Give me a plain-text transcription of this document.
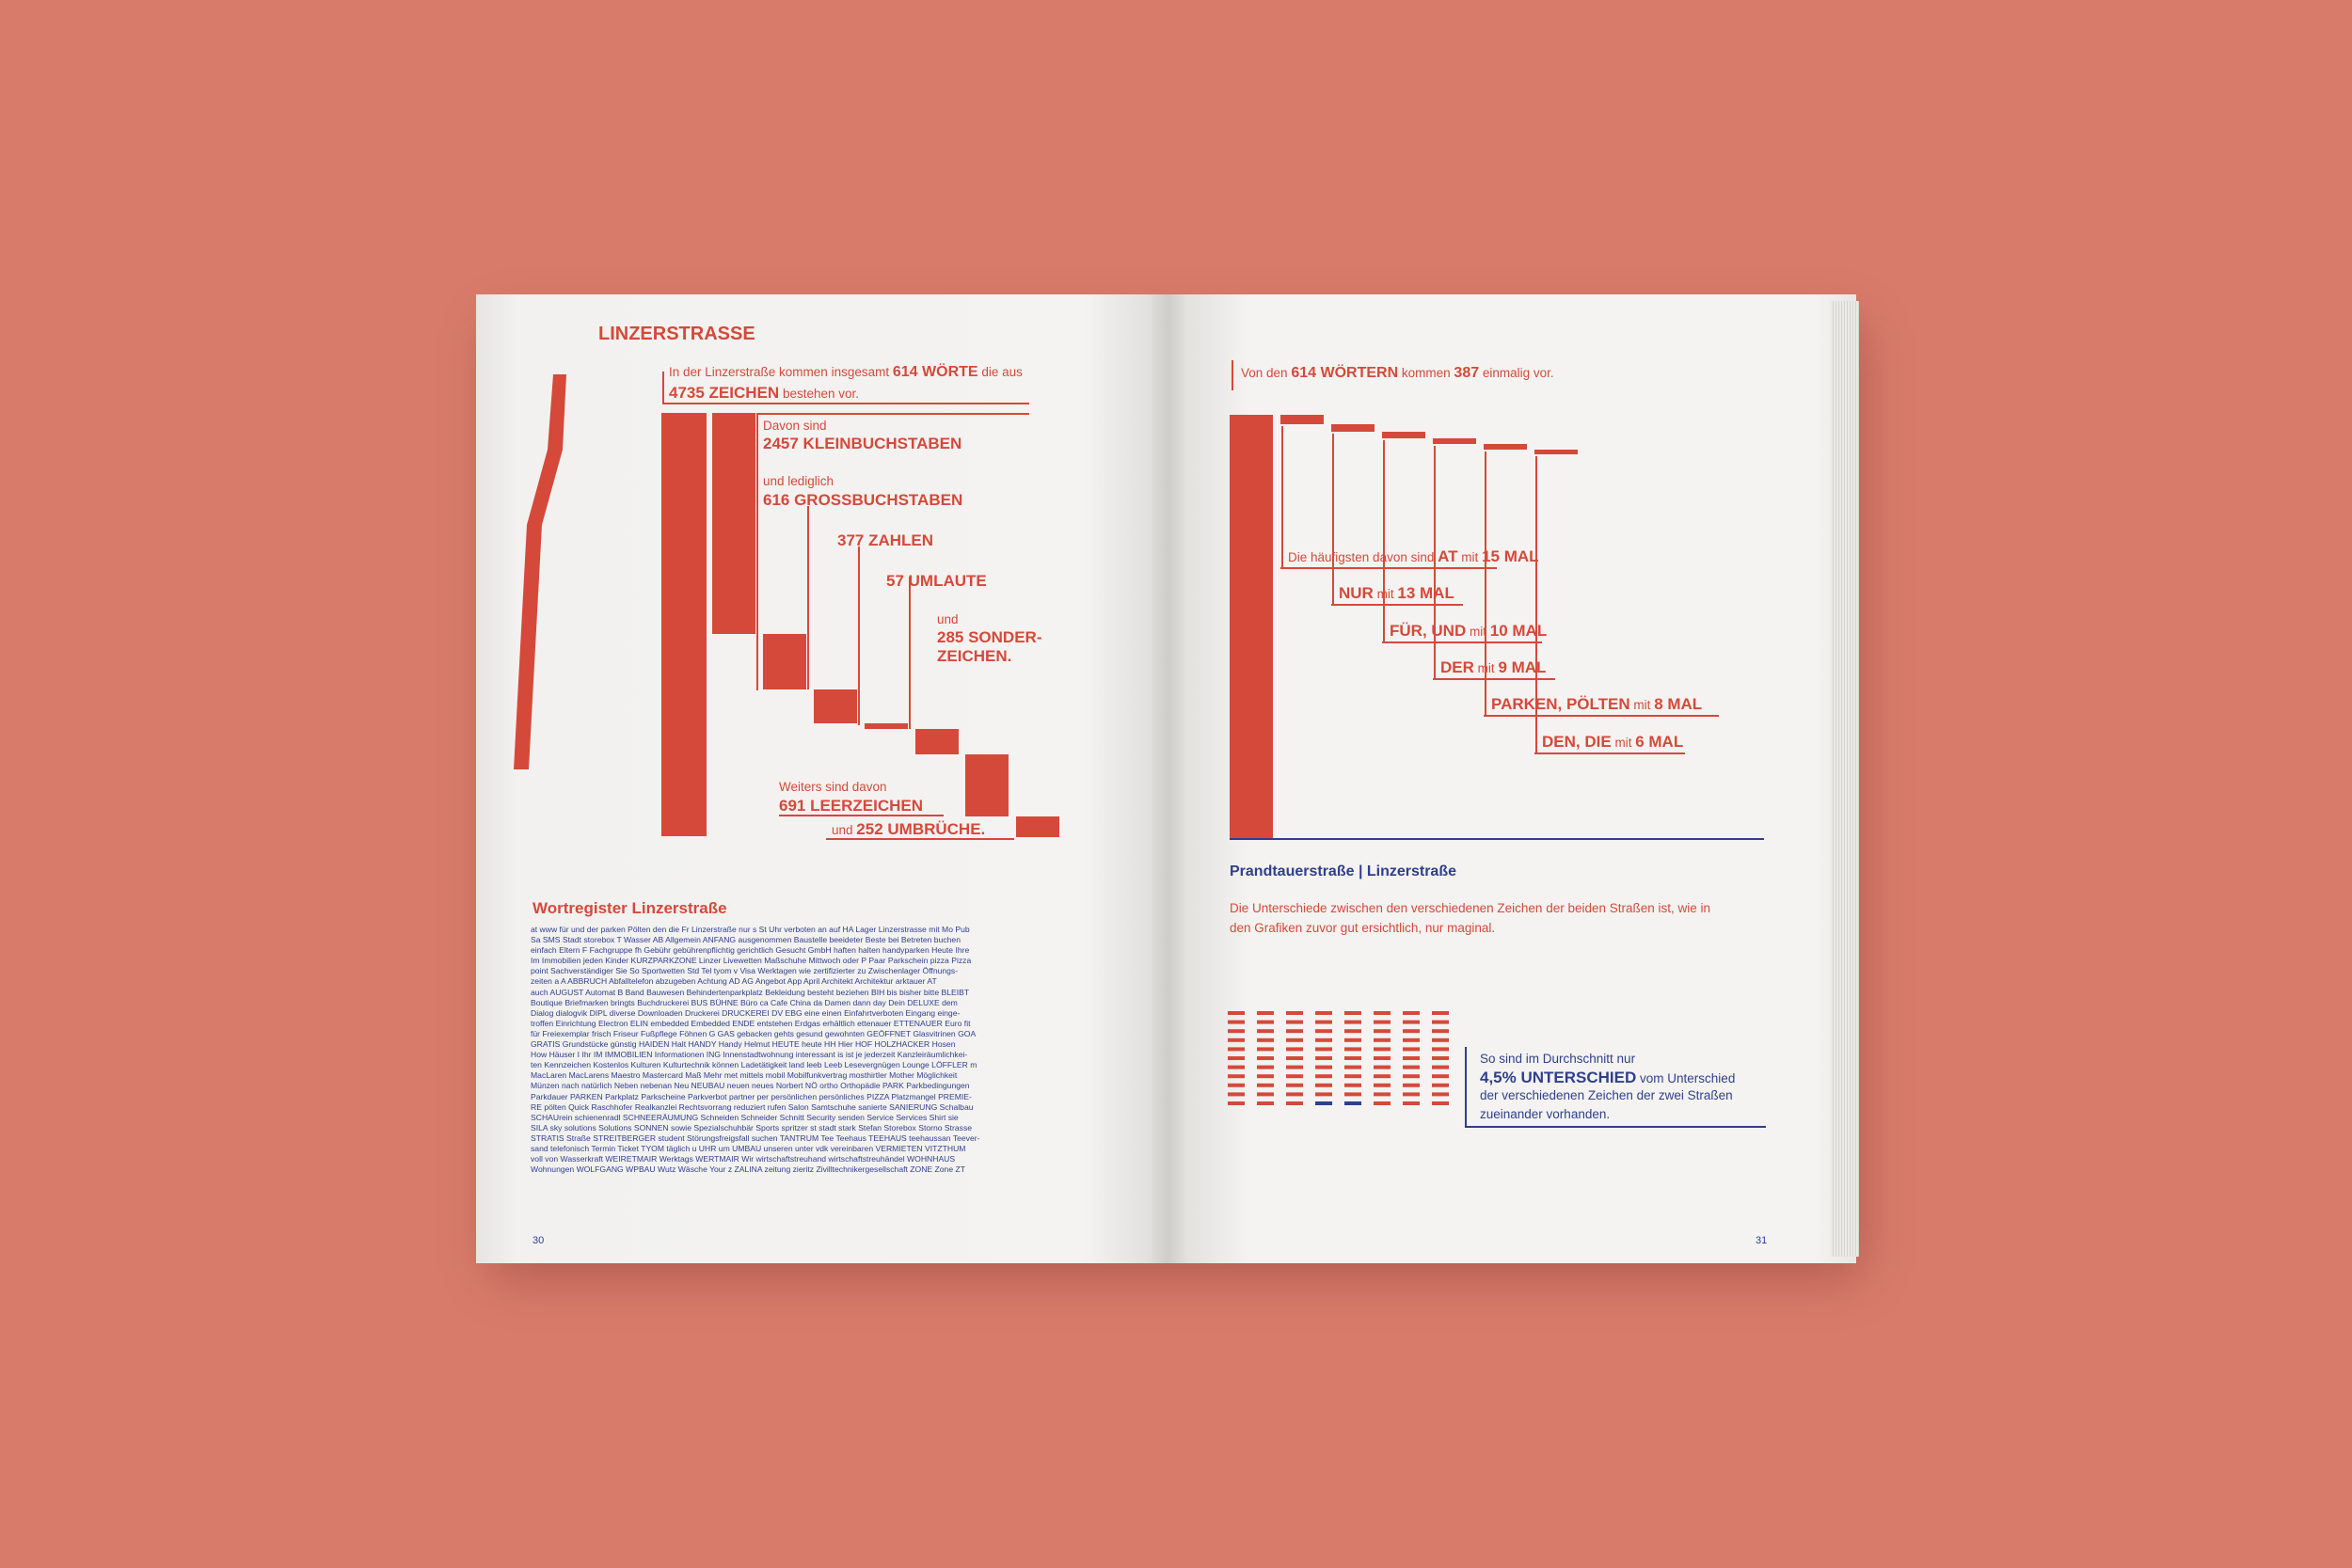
LINZERSTRASSE
In der Linzerstraße kommen insgesamt 614 WÖRTE die aus
4735 ZEICHEN bestehen vor.
Davon sind
2457 KLEINBUCHSTABEN
und lediglich
616 GROSSBUCHSTABEN
377 ZAHLEN
57 UMLAUTE
und
285 SONDER-
ZEICHEN.
Weiters sind davon
691 LEERZEICHEN
und 252 UMBRÜCHE.
Wortregister Linzerstraße
at www für und der parken Pölten den die Fr Linzerstraße nur s St Uhr verboten an auf HA Lager Linzerstrasse mit Mo Pub
Sa SMS Stadt storebox T Wasser AB Allgemein ANFANG ausgenommen Baustelle beeideter Beste bei Betreten buchen
einfach Eltern F Fachgruppe fh Gebühr gebührenpflichtig gerichtlich Gesucht GmbH haften halten handyparken Heute Ihre
Im Immobilien jeden Kinder KURZPARKZONE Linzer Livewetten Maßschuhe Mittwoch oder P Paar Parkschein pizza Pizza
point Sachverständiger Sie So Sportwetten Std Tel tyom v Visa Werktagen wie zertifizierter zu Zwischenlager Öffnungs-
zeiten a A ABBRUCH Abfalltelefon abzugeben Achtung AD AG Angebot App April Architekt Architektur arktauer AT
auch AUGUST Automat B Band Bauwesen Behindertenparkplatz Bekleidung besteht beziehen BIH bis bisher bitte BLEIBT
Boutique Briefmarken bringts Buchdruckerei BUS BÜHNE Büro ca Cafe China da Damen dann day Dein DELUXE dem
Dialog dialogvik DIPL diverse Downloaden Druckerei DRUCKEREI DV EBG eine einen Einfahrtverboten Eingang einge-
troffen Einrichtung Electron ELIN embedded Embedded ENDE entstehen Erdgas erhältlich ettenauer ETTENAUER Euro fit
für Freiexemplar frisch Friseur Fußpflege Föhnen G GAS gebacken gehts gesund gewohnten GEÖFFNET Glasvitrinen GOA
GRATIS Grundstücke günstig HAIDEN Halt HANDY Handy Helmut HEUTE heute HH Hier HOF HOLZHACKER Hosen
How Häuser I Ihr IM IMMOBILIEN Informationen ING Innenstadtwohnung interessant is ist je jederzeit Kanzleiräumlichkei-
ten Kennzeichen Kostenlos Kulturen Kulturtechnik können Ladetätigkeit land leeb Leeb Lesevergnügen Lounge LÖFFLER m
MacLaren MacLarens Maestro Mastercard Maß Mehr met mittels mobil Mobilfunkvertrag mosthirtler Mother Möglichkeit
Münzen nach natürlich Neben nebenan Neu NEUBAU neuen neues Norbert NÖ ortho Orthopädie PARK Parkbedingungen
Parkdauer PARKEN Parkplatz Parkscheine Parkverbot partner per persönlichen persönliches PIZZA Platzmangel PREMIE-
RE pölten Quick Raschhofer Realkanzlei Rechtsvorrang reduziert rufen Salon Samtschuhe sanierte SANIERUNG Schalbau
SCHAUrein schienenradl SCHNEERÄUMUNG Schneiden Schneider Schnitt Security senden Service Services Shirt sie
SILA sky solutions Solutions SONNEN sowie Spezialschuhbär Sports spritzer st stadt stark Stefan Storebox Storno Strasse
STRATIS Straße STREITBERGER student Störungsfreigsfall suchen TANTRUM Tee Teehaus TEEHAUS teehaussan Teever-
sand telefonisch Termin Ticket TYOM täglich u UHR um UMBAU unseren unter vdk vereinbaren VERMIETEN VITZTHUM
voll von Wasserkraft WEIRETMAIR Werktags WERTMAIR Wir wirtschaftstreuhand wirtschaftstreuhändel WOHNHAUS
Wohnungen WOLFGANG WPBAU Wutz Wäsche Your z ZALINA zeitung zieritz Zivilltechnikergesellschaft ZONE Zone ZT
30
Von den 614 WÖRTERN kommen 387 einmalig vor.
Die häufigsten davon sind AT mit 15 MAL
NUR mit 13 MAL
FÜR, UND mit 10 MAL
DER mit 9 MAL
PARKEN, PÖLTEN mit 8 MAL
DEN, DIE mit 6 MAL
Prandtauerstraße | Linzerstraße
Die Unterschiede zwischen den verschiedenen Zeichen der beiden Straßen ist, wie in
den Grafiken zuvor gut ersichtlich, nur maginal.
So sind im Durchschnitt nur
4,5% UNTERSCHIED vom Unterschied
der verschiedenen Zeichen der zwei Straßen
zueinander vorhanden.
31
